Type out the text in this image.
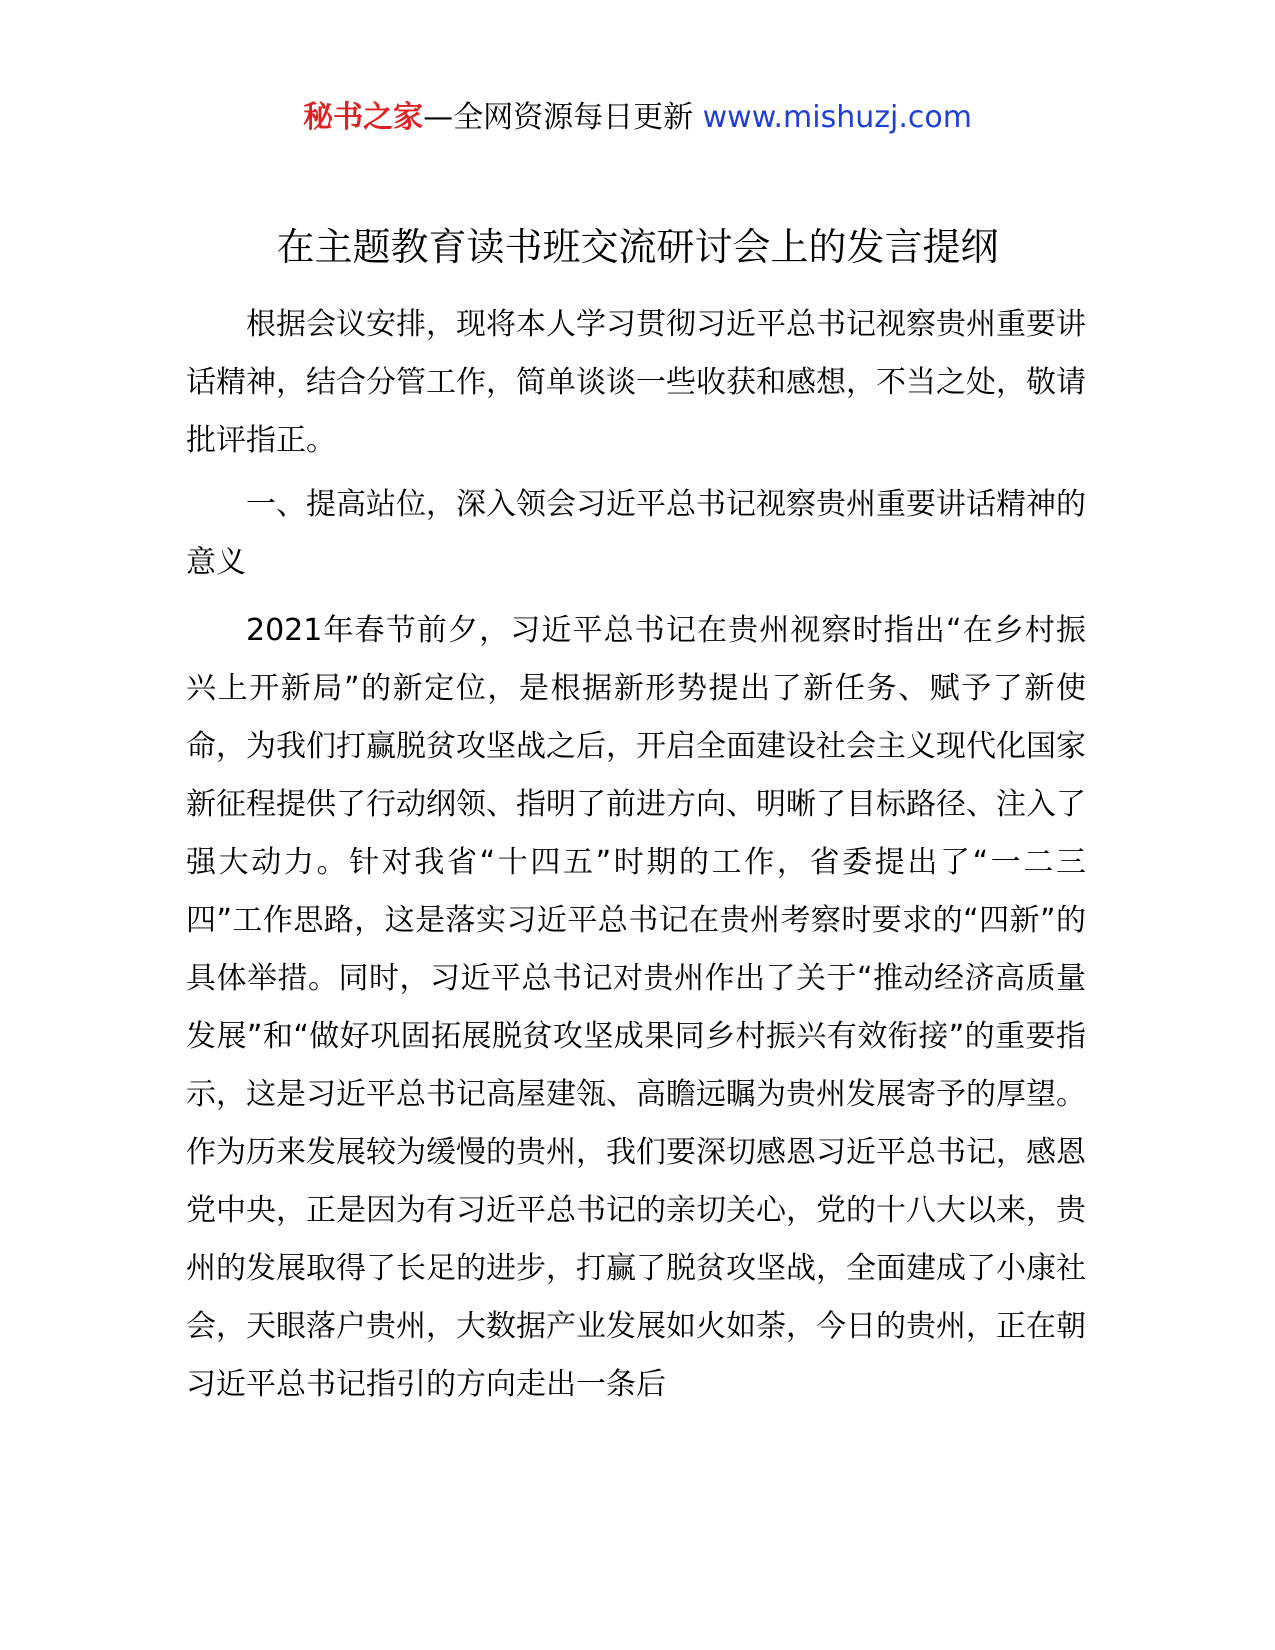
秘书之家—全网资源每日更新 www.mishuzj.com
在主题教育读书班交流研讨会上的发言提纲

根据会议安排，现将本人学习贯彻习近平总书记视察贵州重要讲话精神，结合分管工作，简单谈谈一些收获和感想，不当之处，敬请批评指正。

一、提高站位，深入领会习近平总书记视察贵州重要讲话精神的意义

2021年春节前夕，习近平总书记在贵州视察时指出“在乡村振兴上开新局”的新定位，是根据新形势提出了新任务、赋予了新使命，为我们打赢脱贫攻坚战之后，开启全面建设社会主义现代化国家新征程提供了行动纲领、指明了前进方向、明晰了目标路径、注入了强大动力。针对我省“十四五”时期的工作，省委提出了“一二三四”工作思路，这是落实习近平总书记在贵州考察时要求的“四新”的具体举措。同时，习近平总书记对贵州作出了关于“推动经济高质量发展”和“做好巩固拓展脱贫攻坚成果同乡村振兴有效衔接”的重要指示，这是习近平总书记高屋建瓴、高瞻远瞩为贵州发展寄予的厚望。作为历来发展较为缓慢的贵州，我们要深切感恩习近平总书记，感恩党中央，正是因为有习近平总书记的亲切关心，党的十八大以来，贵州的发展取得了长足的进步，打赢了脱贫攻坚战，全面建成了小康社会，天眼落户贵州，大数据产业发展如火如荼，今日的贵州，正在朝习近平总书记指引的方向走出一条后
